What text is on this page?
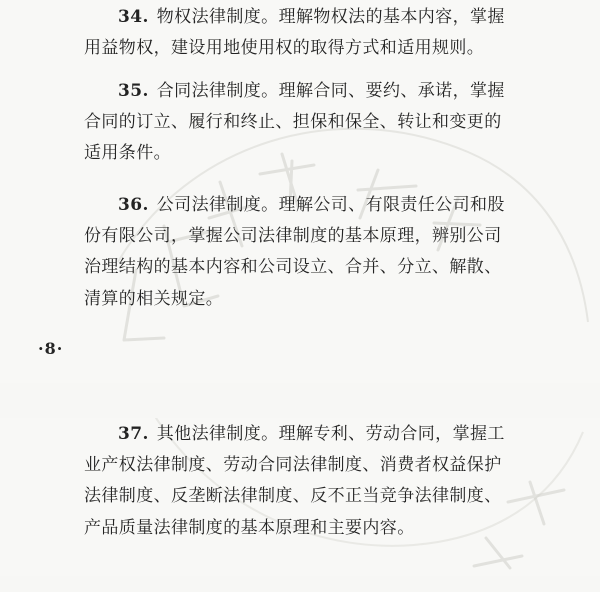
34. 物权法律制度。理解物权法的基本内容，掌握
用益物权，建设用地使用权的取得方式和适用规则。
35. 合同法律制度。理解合同、要约、承诺，掌握
合同的订立、履行和终止、担保和保全、转让和变更的
适用条件。
36. 公司法律制度。理解公司、有限责任公司和股
份有限公司，掌握公司法律制度的基本原理，辨别公司
治理结构的基本内容和公司设立、合并、分立、解散、
清算的相关规定。
·8·
37. 其他法律制度。理解专利、劳动合同，掌握工
业产权法律制度、劳动合同法律制度、消费者权益保护
法律制度、反垄断法律制度、反不正当竞争法律制度、
产品质量法律制度的基本原理和主要内容。
